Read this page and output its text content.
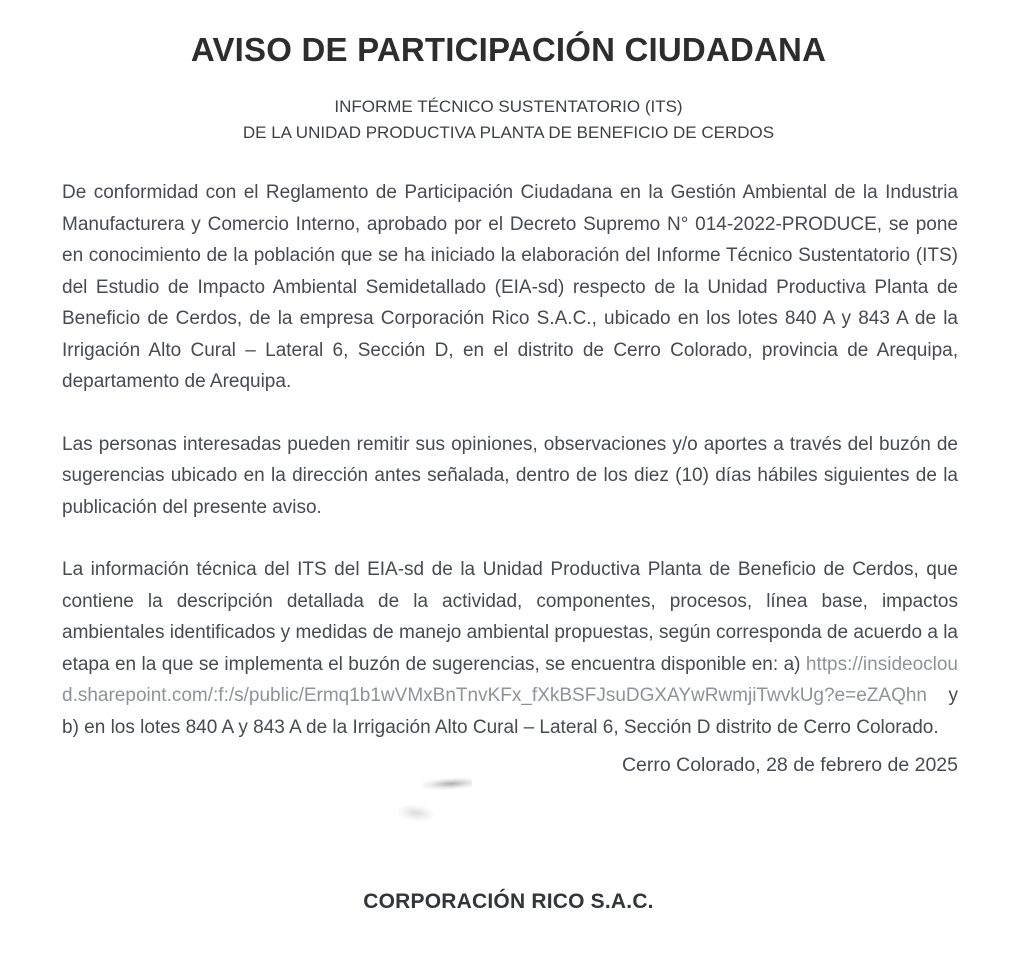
AVISO DE PARTICIPACIÓN CIUDADANA
INFORME TÉCNICO SUSTENTATORIO (ITS)
DE LA UNIDAD PRODUCTIVA PLANTA DE BENEFICIO DE CERDOS

De conformidad con el Reglamento de Participación Ciudadana en la Gestión Ambiental de la Industria Manufacturera y Comercio Interno, aprobado por el Decreto Supremo N° 014-2022-PRODUCE, se pone en conocimiento de la población que se ha iniciado la elaboración del Informe Técnico Sustentatorio (ITS) del Estudio de Impacto Ambiental Semidetallado (EIA-sd) respecto de la Unidad Productiva Planta de Beneficio de Cerdos, de la empresa Corporación Rico S.A.C., ubicado en los lotes 840 A y 843 A de la Irrigación Alto Cural – Lateral 6, Sección D, en el distrito de Cerro Colorado, provincia de Arequipa, departamento de Arequipa.

Las personas interesadas pueden remitir sus opiniones, observaciones y/o aportes a través del buzón de sugerencias ubicado en la dirección antes señalada, dentro de los diez (10) días hábiles siguientes de la publicación del presente aviso.

La información técnica del ITS del EIA-sd de la Unidad Productiva Planta de Beneficio de Cerdos, que contiene la descripción detallada de la actividad, componentes, procesos, línea base, impactos ambientales identificados y medidas de manejo ambiental propuestas, según corresponda de acuerdo a la etapa en la que se implementa el buzón de sugerencias, se encuentra disponible en: a) https://insideocloud.sharepoint.com/:f:/s/public/Ermq1b1wVMxBnTnvKFx_fXkBSFJsuDGXAYwRwmjiTwvkUg?e=eZAQhn y b) en los lotes 840 A y 843 A de la Irrigación Alto Cural – Lateral 6, Sección D distrito de Cerro Colorado.

Cerro Colorado, 28 de febrero de 2025
CORPORACIÓN RICO S.A.C.
